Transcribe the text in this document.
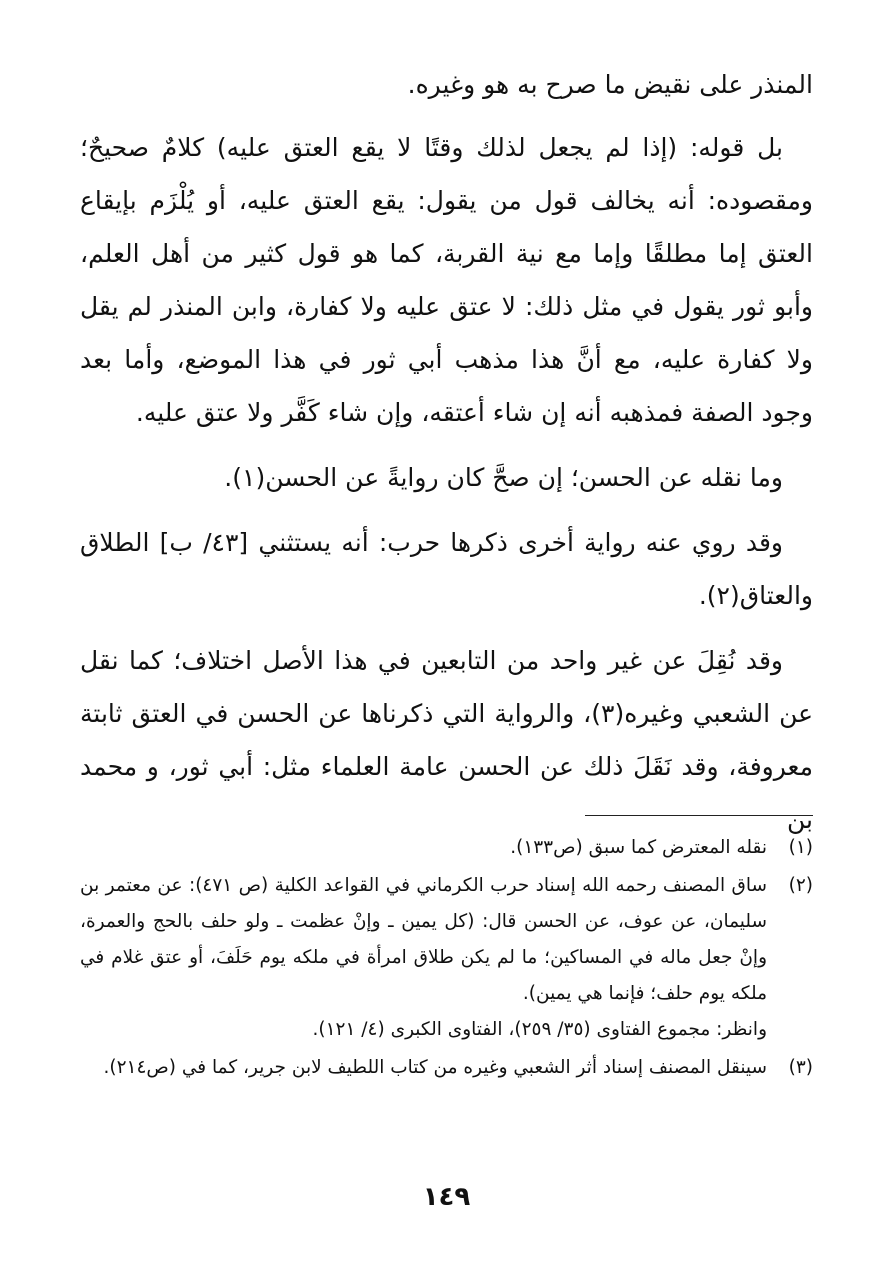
المنذر على نقيض ما صرح به هو وغيره.

بل قوله: (إذا لم يجعل لذلك وقتًا لا يقع العتق عليه) كلامٌ صحيحٌ؛ ومقصوده: أنه يخالف قول من يقول: يقع العتق عليه، أو يُلْزَم بإيقاع العتق إما مطلقًا وإما مع نية القربة، كما هو قول كثير من أهل العلم، وأبو ثور يقول في مثل ذلك: لا عتق عليه ولا كفارة، وابن المنذر لم يقل ولا كفارة عليه، مع أنَّ هذا مذهب أبي ثور في هذا الموضع، وأما بعد وجود الصفة فمذهبه أنه إن شاء أعتقه، وإن شاء كَفَّر ولا عتق عليه.

وما نقله عن الحسن؛ إن صحَّ كان روايةً عن الحسن(١).

وقد روي عنه رواية أخرى ذكرها حرب: أنه يستثني [٤٣/ ب] الطلاق والعتاق(٢).

وقد نُقِلَ عن غير واحد من التابعين في هذا الأصل اختلاف؛ كما نقل عن الشعبي وغيره(٣)، والرواية التي ذكرناها عن الحسن في العتق ثابتة معروفة، وقد نَقَلَ ذلك عن الحسن عامة العلماء مثل: أبي ثور، و محمد بن

(١)

نقله المعترض كما سبق (ص١٣٣).

(٢)

ساق المصنف رحمه الله إسناد حرب الكرماني في القواعد الكلية (ص ٤٧١): عن معتمر بن سليمان، عن عوف، عن الحسن قال: (كل يمين ـ وإنْ عظمت ـ ولو حلف بالحج والعمرة، وإنْ جعل ماله في المساكين؛ ما لم يكن طلاق امرأة في ملكه يوم حَلَفَ، أو عتق غلام في ملكه يوم حلف؛ فإنما هي يمين).

وانظر: مجموع الفتاوى (٣٥/ ٢٥٩)، الفتاوى الكبرى (٤/ ١٢١).

(٣)

سينقل المصنف إسناد أثر الشعبي وغيره من كتاب اللطيف لابن جرير، كما في (ص٢١٤).

١٤٩
